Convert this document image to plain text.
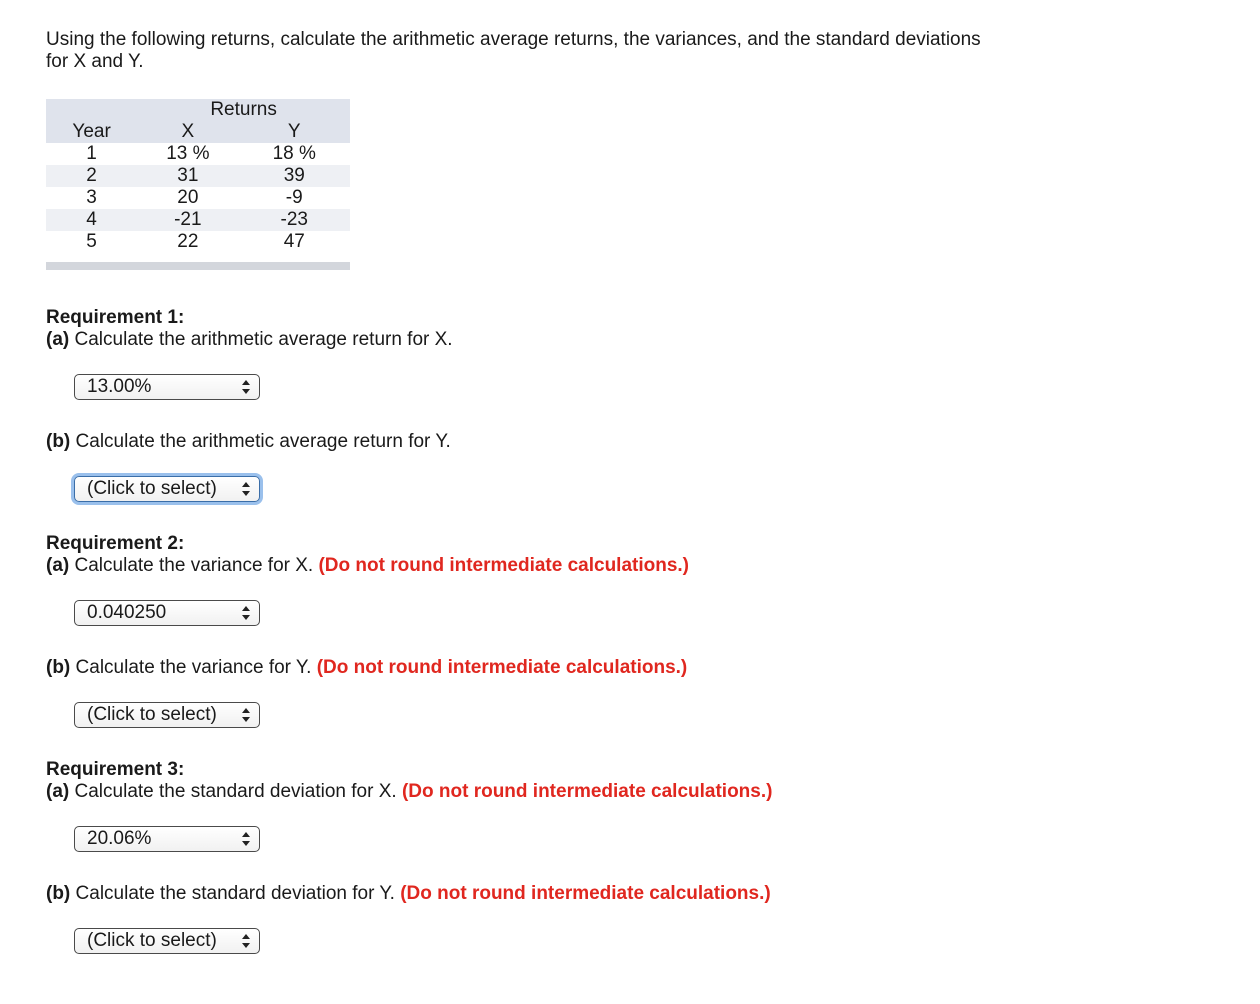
Using the following returns, calculate the arithmetic average returns, the variances, and the standard deviations for X and Y.

	Returns	
Year	X	Y
1	13 %	18 %
2	31	39
3	20	-9
4	-21	-23
5	22	47

Requirement 1:

(a) Calculate the arithmetic average return for X.

13.00%

(b) Calculate the arithmetic average return for Y.

(Click to select)

Requirement 2:

(a) Calculate the variance for X. (Do not round intermediate calculations.)

0.040250

(b) Calculate the variance for Y. (Do not round intermediate calculations.)

(Click to select)

Requirement 3:

(a) Calculate the standard deviation for X. (Do not round intermediate calculations.)

20.06%

(b) Calculate the standard deviation for Y. (Do not round intermediate calculations.)

(Click to select)
